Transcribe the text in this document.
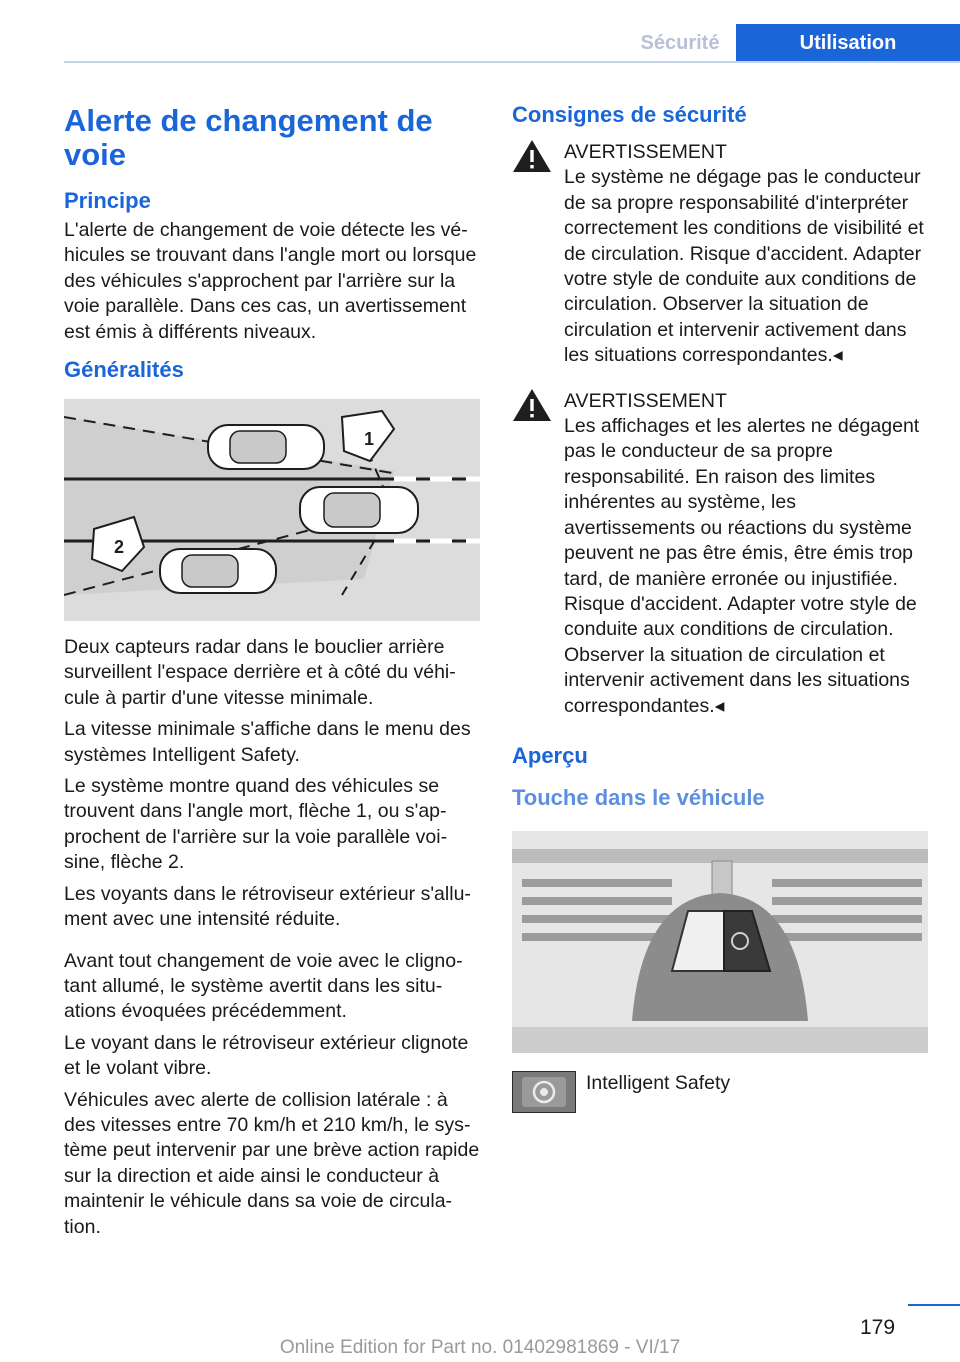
Sécurité	Utilisation
Alerte de changement de voie
Principe

L'alerte de changement de voie détecte les véhicules se trouvant dans l'angle mort ou lorsque des véhicules s'approchent par l'arrière sur la voie parallèle. Dans ces cas, un avertissement est émis à différents niveaux.

Généralités
1
2

Deux capteurs radar dans le bouclier arrière surveillent l'espace derrière et à côté du véhicule à partir d'une vitesse minimale.

La vitesse minimale s'affiche dans le menu des systèmes Intelligent Safety.

Le système montre quand des véhicules se trouvent dans l'angle mort, flèche 1, ou s'approchent de l'arrière sur la voie parallèle voisine, flèche 2.

Les voyants dans le rétroviseur extérieur s'allument avec une intensité réduite.

Avant tout changement de voie avec le clignotant allumé, le système avertit dans les situations évoquées précédemment.

Le voyant dans le rétroviseur extérieur clignote et le volant vibre.

Véhicules avec alerte de collision latérale : à des vitesses entre 70 km/h et 210 km/h, le système peut intervenir par une brève action rapide sur la direction et aide ainsi le conducteur à maintenir le véhicule dans sa voie de circulation.

Consignes de sécurité
AVERTISSEMENT
Le système ne dégage pas le conducteur de sa propre responsabilité d'interpréter correctement les conditions de visibilité et de circulation. Risque d'accident. Adapter votre style de conduite aux conditions de circulation. Observer la situation de circulation et intervenir activement dans les situations correspondantes.◂
AVERTISSEMENT
Les affichages et les alertes ne dégagent pas le conducteur de sa propre responsabilité. En raison des limites inhérentes au système, les avertissements ou réactions du système peuvent ne pas être émis, être émis trop tard, de manière erronée ou injustifiée. Risque d'accident. Adapter votre style de conduite aux conditions de circulation. Observer la situation de circulation et intervenir activement dans les situations correspondantes.◂
Aperçu
Touche dans le véhicule
Intelligent Safety
179
Online Edition for Part no. 01402981869 - VI/17
